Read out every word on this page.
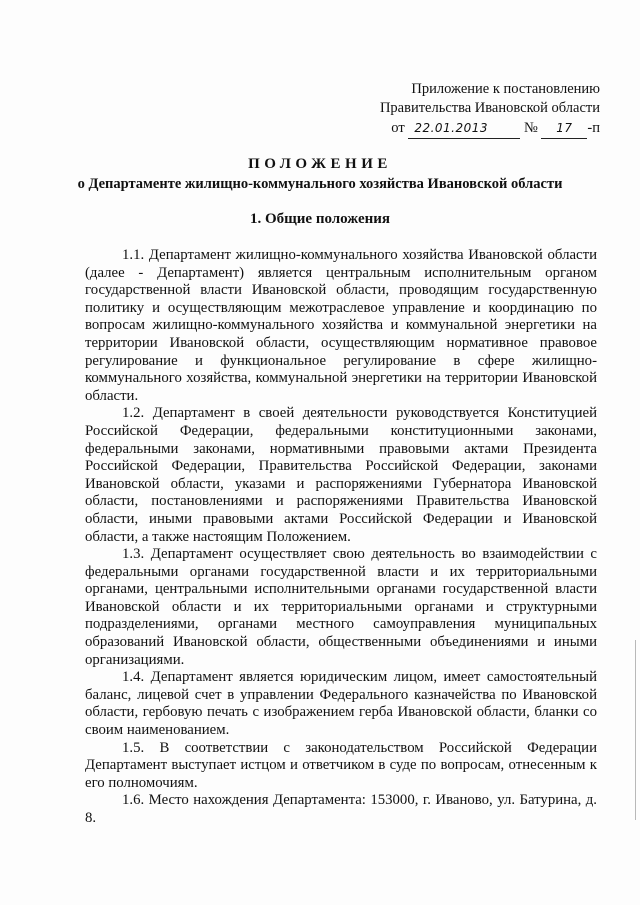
Приложение к постановлению
Правительства Ивановской области
от 22.01.2013 № 17 -п
ПОЛОЖЕНИЕ
о Департаменте жилищно-коммунального хозяйства Ивановской области
1. Общие положения

1.1. Департамент жилищно-коммунального хозяйства Ивановской области (далее - Департамент) является центральным исполнительным органом государственной власти Ивановской области, проводящим государственную политику и осуществляющим межотраслевое управление и координацию по вопросам жилищно-коммунального хозяйства и коммунальной энергетики на территории Ивановской области, осуществляющим нормативное правовое регулирование и функциональное регулирование в сфере жилищно-коммунального хозяйства, коммунальной энергетики на территории Ивановской области.

1.2. Департамент в своей деятельности руководствуется Конституцией Российской Федерации, федеральными конституционными законами, федеральными законами, нормативными правовыми актами Президента Российской Федерации, Правительства Российской Федерации, законами Ивановской области, указами и распоряжениями Губернатора Ивановской области, постановлениями и распоряжениями Правительства Ивановской области, иными правовыми актами Российской Федерации и Ивановской области, а также настоящим Положением.

1.3. Департамент осуществляет свою деятельность во взаимодействии с федеральными органами государственной власти и их территориальными органами, центральными исполнительными органами государственной власти Ивановской области и их территориальными органами и структурными подразделениями, органами местного самоуправления муниципальных образований Ивановской области, общественными объединениями и иными организациями.

1.4. Департамент является юридическим лицом, имеет самостоятельный баланс, лицевой счет в управлении Федерального казначейства по Ивановской области, гербовую печать с изображением герба Ивановской области, бланки со своим наименованием.

1.5. В соответствии с законодательством Российской Федерации Департамент выступает истцом и ответчиком в суде по вопросам, отнесенным к его полномочиям.

1.6. Место нахождения Департамента: 153000, г. Иваново, ул. Батурина, д. 8.
